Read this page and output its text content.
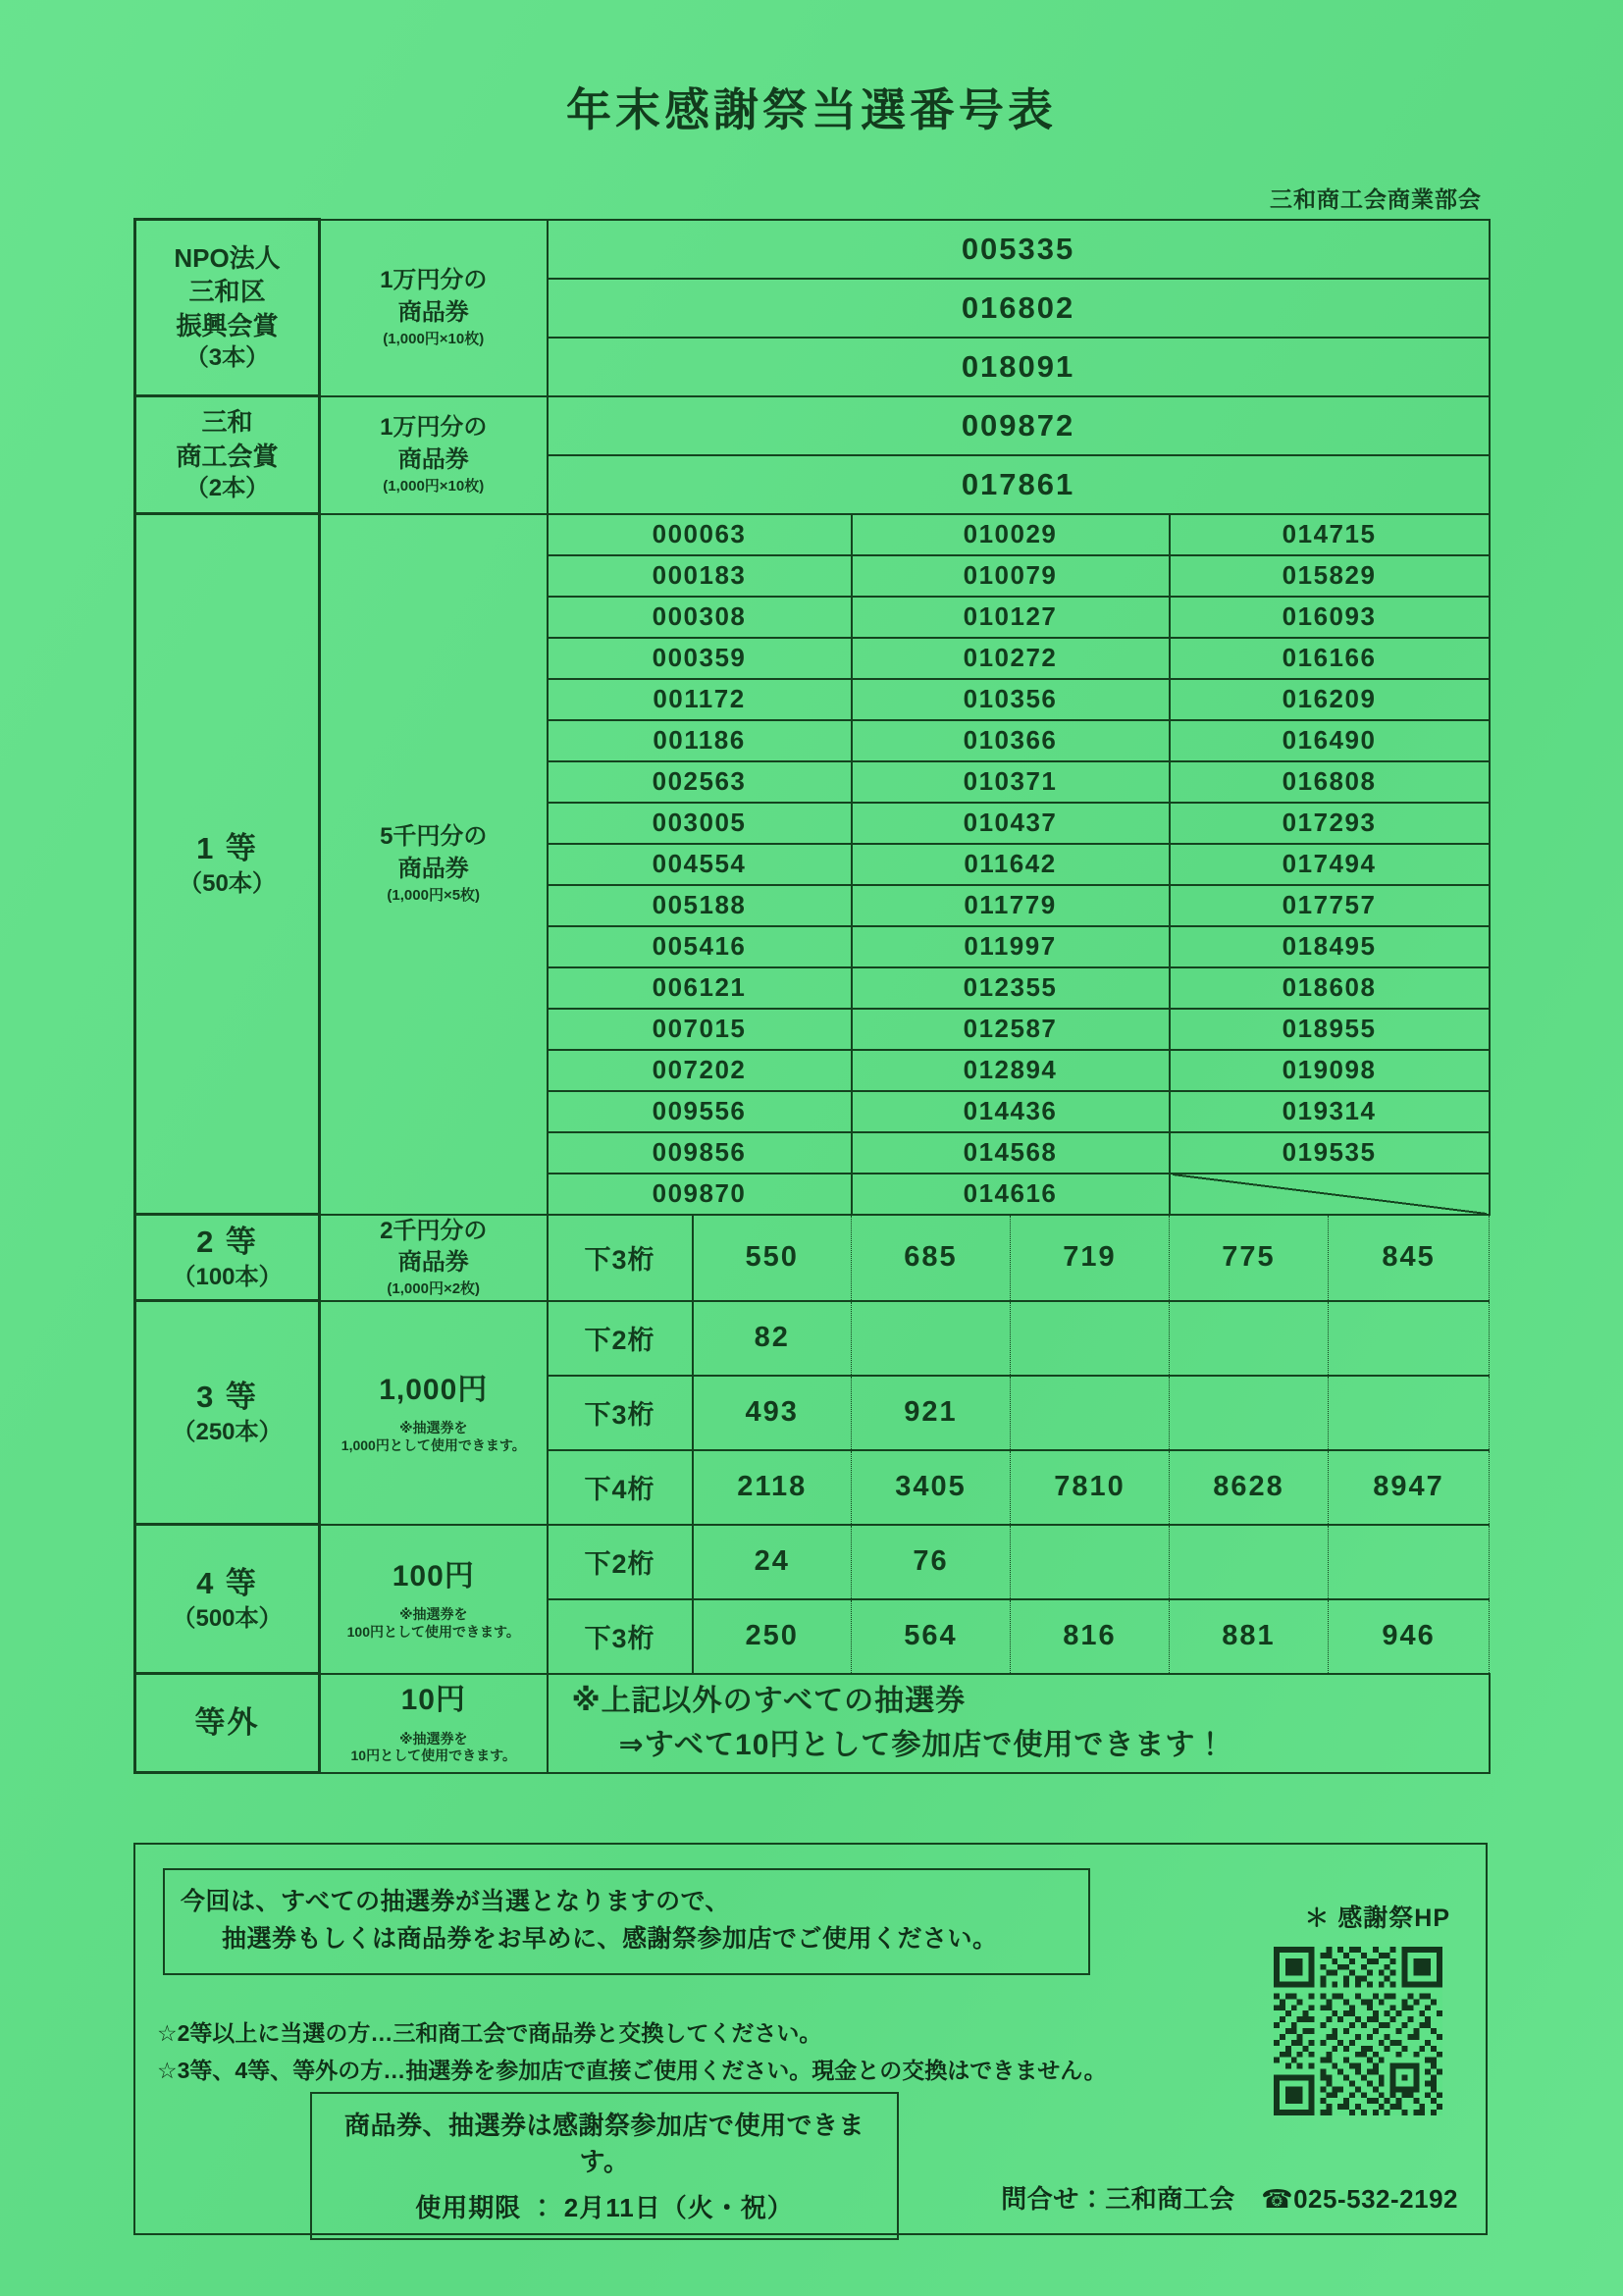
年末感謝祭当選番号表
三和商工会商業部会
NPO法人
三和区
振興会賞
（3本）

1万円分の
商品券
(1,000円×10枚)
	005335
		016802					
		018091					

三和
商工会賞
（2本）

1万円分の
商品券
(1,000円×10枚)
	009872
		017861					

1 等
（50本）

5千円分の
商品券
(1,000円×5枚)
	000063	010029	014715
		000183		010079		015829	
		000308		010127		016093	
		000359		010272		016166	
		001172		010356		016209	
		001186		010366		016490	
		002563		010371		016808	
		003005		010437		017293	
		004554		011642		017494	
		005188		011779		017757	
		005416		011997		018495	
		006121		012355		018608	
		007015		012587		018955	
		007202		012894		019098	
		009556		014436		019314	
		009856		014568		019535	
		009870		014616			

2 等
（100本）

2千円分の
商品券
(1,000円×2枚)
	下3桁	550	685	719	775	845

3 等
（250本）

1,000円
※抽選券を
1,000円として使用できます。
	下2桁	82				
		下3桁	493	921			
		下4桁	2118	3405	7810	8628	8947

4 等
（500本）

100円
※抽選券を
100円として使用できます。
	下2桁	24	76			
		下3桁	250	564	816	881	946

等外

10円
※抽選券を
10円として使用できます。

※上記以外のすべての抽選券
⇒すべて10円として参加店で使用できます！
今回は、すべての抽選券が当選となりますので、
抽選券もしくは商品券をお早めに、感謝祭参加店でご使用ください。
☆2等以上に当選の方…三和商工会で商品券と交換してください。
☆3等、4等、等外の方…抽選券を参加店で直接ご使用ください。現金との交換はできません。
商品券、抽選券は感謝祭参加店で使用できます。
使用期限 ： 2月11日（火・祝）
＊ 感謝祭HP
問合せ：三和商工会　☎025-532-2192
